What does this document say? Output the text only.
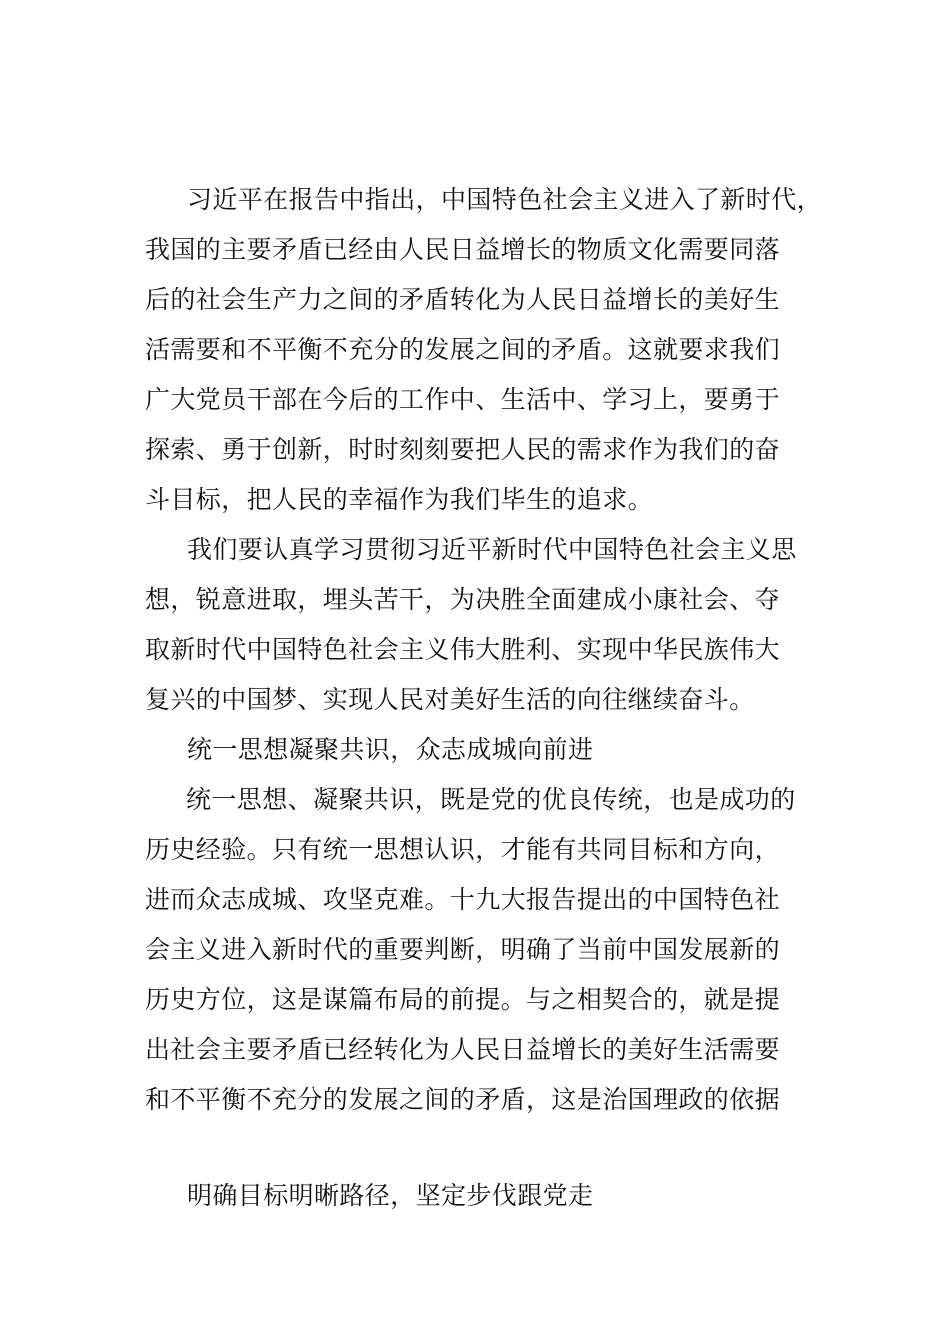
习近平在报告中指出，中国特色社会主义进入了新时代，
我国的主要矛盾已经由人民日益增长的物质文化需要同落
后的社会生产力之间的矛盾转化为人民日益增长的美好生
活需要和不平衡不充分的发展之间的矛盾。这就要求我们
广大党员干部在今后的工作中、生活中、学习上，要勇于
探索、勇于创新，时时刻刻要把人民的需求作为我们的奋
斗目标，把人民的幸福作为我们毕生的追求。
我们要认真学习贯彻习近平新时代中国特色社会主义思
想，锐意进取，埋头苦干，为决胜全面建成小康社会、夺
取新时代中国特色社会主义伟大胜利、实现中华民族伟大
复兴的中国梦、实现人民对美好生活的向往继续奋斗。
统一思想凝聚共识，众志成城向前进
统一思想、凝聚共识，既是党的优良传统，也是成功的
历史经验。只有统一思想认识，才能有共同目标和方向，
进而众志成城、攻坚克难。十九大报告提出的中国特色社
会主义进入新时代的重要判断，明确了当前中国发展新的
历史方位，这是谋篇布局的前提。与之相契合的，就是提
出社会主要矛盾已经转化为人民日益增长的美好生活需要
和不平衡不充分的发展之间的矛盾，这是治国理政的依据
明确目标明晰路径，坚定步伐跟党走
